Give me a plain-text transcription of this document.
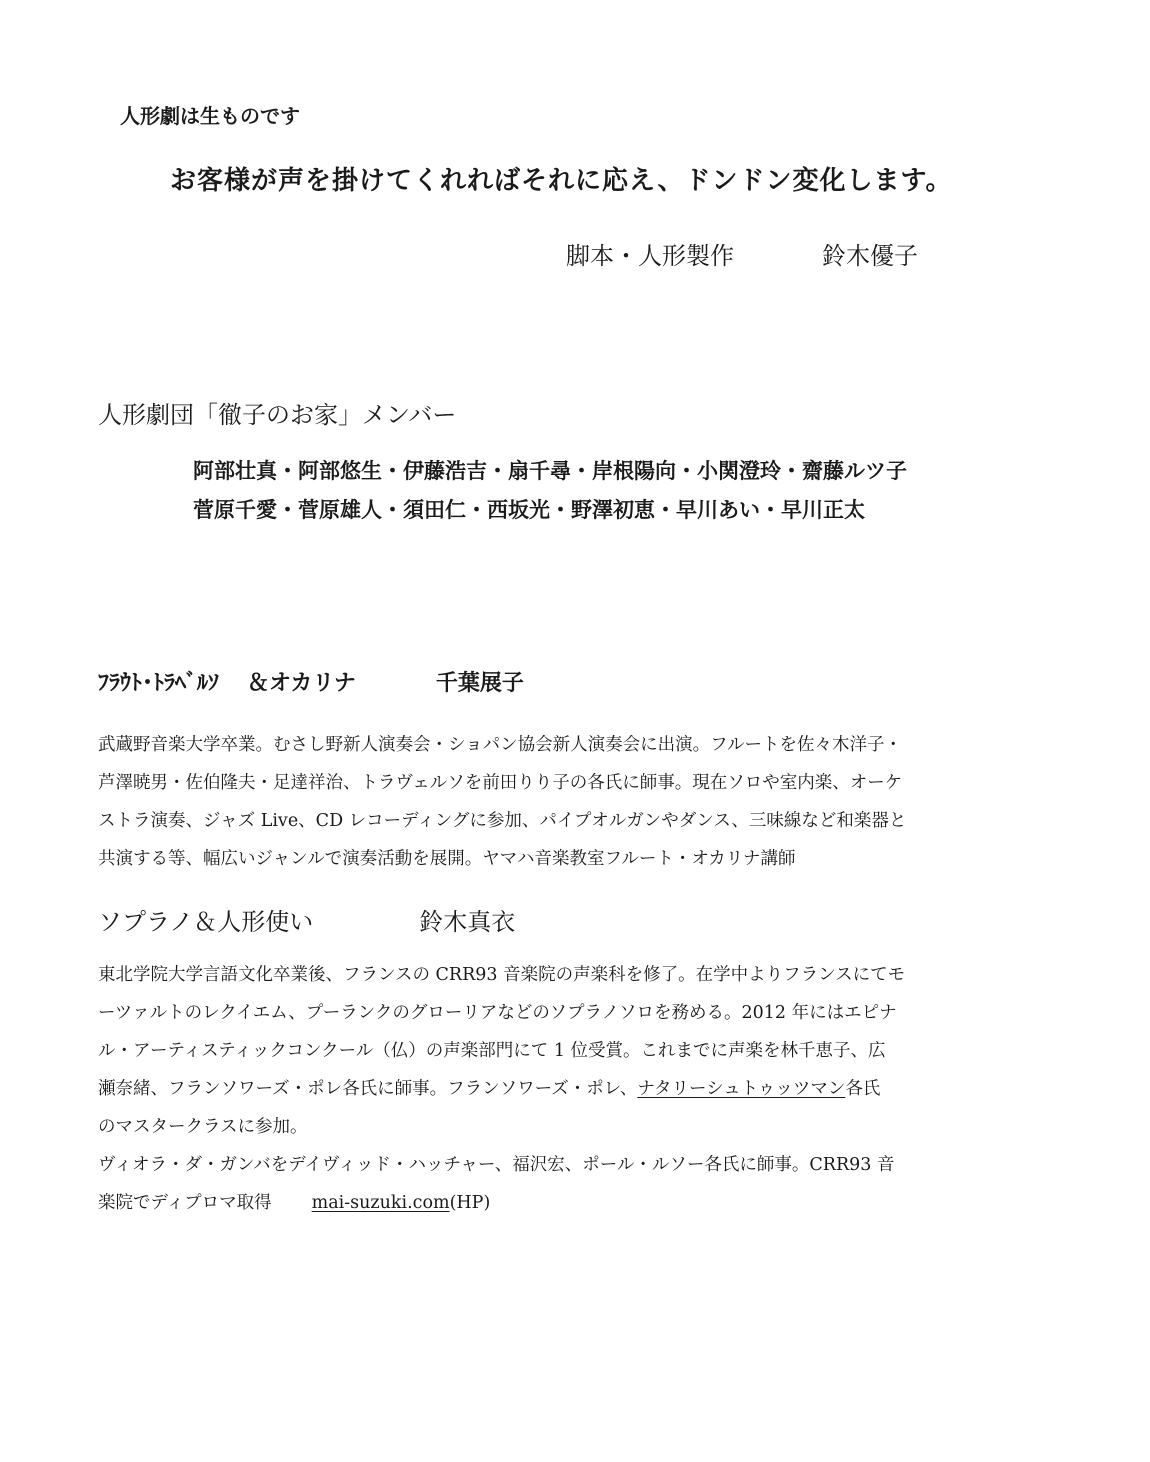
人形劇は生ものです
お客様が声を掛けてくれればそれに応え、ドンドン変化します。
脚本・人形製作	鈴木優子
人形劇団「徹子のお家」メンバー
阿部壮真・阿部悠生・伊藤浩吉・扇千尋・岸根陽向・小関澄玲・齋藤ルツ子
菅原千愛・菅原雄人・須田仁・西坂光・野澤初恵・早川あい・早川正太
ﾌﾗｳﾄ･ﾄﾗﾍﾞﾙｿ ＆オカリナ	千葉展子
武蔵野音楽大学卒業。むさし野新人演奏会・ショパン協会新人演奏会に出演。フルートを佐々木洋子・
芦澤暁男・佐伯隆夫・足達祥治、トラヴェルソを前田りり子の各氏に師事。現在ソロや室内楽、オーケ
ストラ演奏、ジャズ Live、CD レコーディングに参加、パイプオルガンやダンス、三味線など和楽器と
共演する等、幅広いジャンルで演奏活動を展開。ヤマハ音楽教室フルート・オカリナ講師
ソプラノ＆人形使い	鈴木真衣
東北学院大学言語文化卒業後、フランスの CRR93 音楽院の声楽科を修了。在学中よりフランスにてモ
ーツァルトのレクイエム、プーランクのグローリアなどのソプラノソロを務める。2012 年にはエピナ
ル・アーティスティックコンクール（仏）の声楽部門にて 1 位受賞。これまでに声楽を林千恵子、広
瀬奈緒、フランソワーズ・ポレ各氏に師事。フランソワーズ・ポレ、ナタリーシュトゥッツマン各氏
のマスタークラスに参加。
ヴィオラ・ダ・ガンバをデイヴィッド・ハッチャー、福沢宏、ポール・ルソー各氏に師事。CRR93 音
楽院でディプロマ取得 mai-suzuki.com(HP)
